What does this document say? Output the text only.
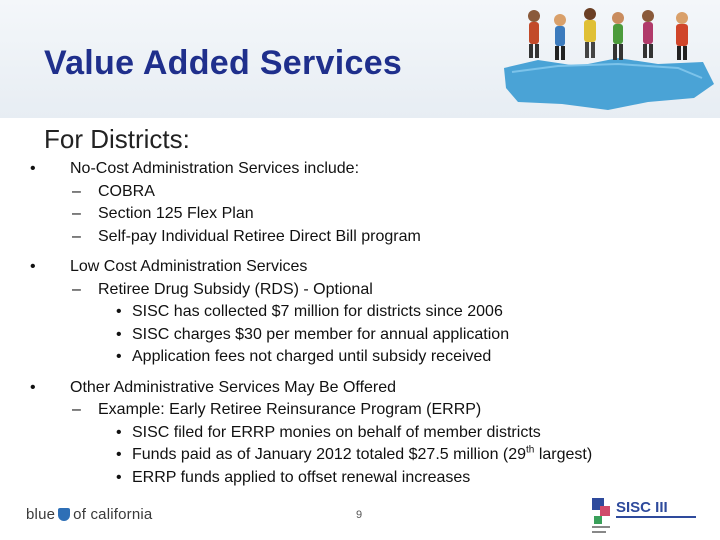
Value Added Services
For Districts:
•	No-Cost Administration Services include:
– COBRA
– Section 125 Flex Plan
– Self-pay Individual Retiree Direct Bill program
•	Low Cost Administration Services
– Retiree Drug Subsidy (RDS) - Optional
• SISC has collected $7 million for districts since 2006
• SISC charges $30 per member for annual application
• Application fees not charged until subsidy received
•	Other Administrative Services May Be Offered
– Example: Early Retiree Reinsurance Program (ERRP)
• SISC filed for ERRP monies on behalf of member districts
• Funds paid as of January 2012 totaled $27.5 million (29th largest)
• ERRP funds applied to offset renewal increases
blue of california	9	SISC III
